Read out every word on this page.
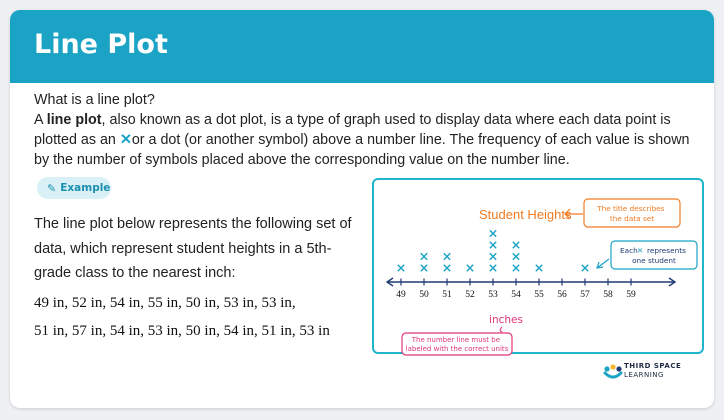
Line Plot

What is a line plot?

A line plot, also known as a dot plot, is a type of graph used to display data where each data point is plotted as an ✕or a dot (or another symbol) above a number line. The frequency of each value is shown by the number of symbols placed above the corresponding value on the number line.

✎ Example

The line plot below represents the following set of data, which represent student heights in a 5th-grade class to the nearest inch:

49 in, 52 in, 54 in, 55 in, 50 in, 53 in, 53 in,

51 in, 57 in, 54 in, 53 in, 50 in, 54 in, 51 in, 53 in

49 50 51 52 53 54 55 56 57 58 59
Student Heights	The title describes the data set
Each ✕ represents one student
inches
The number line must be labeled with the correct units
THIRD SPACE
LEARNING
